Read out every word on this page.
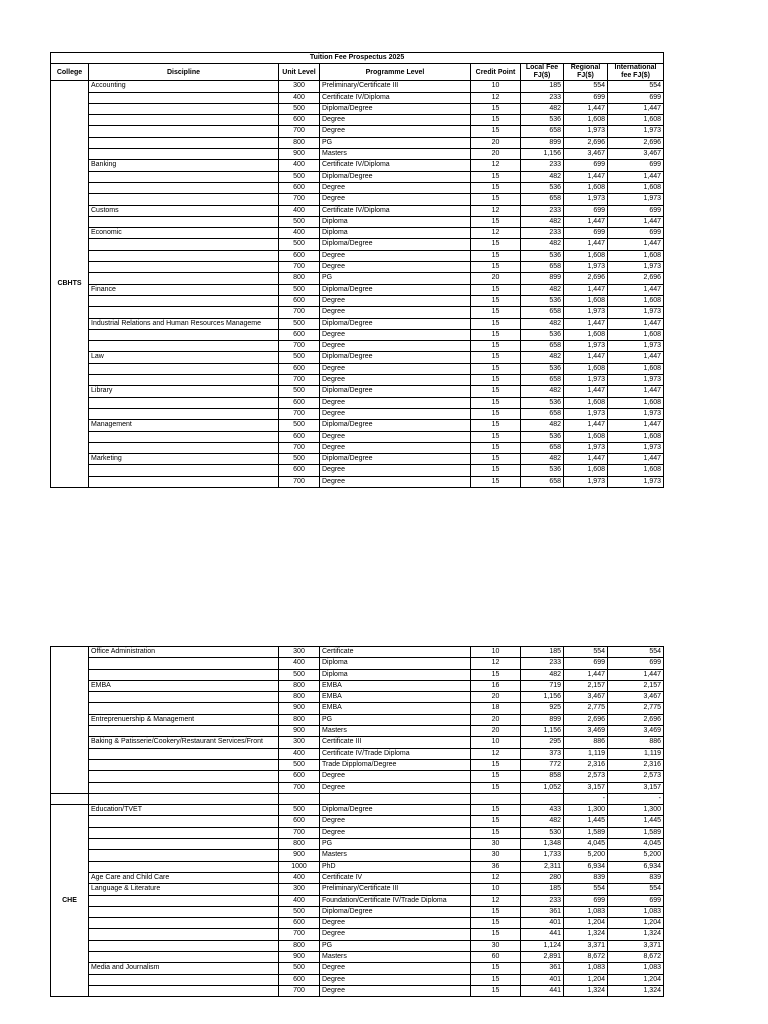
Tuition Fee Prospectus 2025							
College	Discipline	Unit Level	Programme Level	Credit Point	Local Fee FJ($)	Regional FJ($)	International fee FJ($)
CBHTS	Accounting	300	Preliminary/Certificate III	10	185	554	554
		400	Certificate IV/Diploma	12	233	699	699
		500	Diploma/Degree	15	482	1,447	1,447
		600	Degree	15	536	1,608	1,608
		700	Degree	15	658	1,973	1,973
		800	PG	20	899	2,696	2,696
		900	Masters	20	1,156	3,467	3,467
	Banking	400	Certificate IV/Diploma	12	233	699	699
		500	Diploma/Degree	15	482	1,447	1,447
		600	Degree	15	536	1,608	1,608
		700	Degree	15	658	1,973	1,973
	Customs	400	Certificate IV/Diploma	12	233	699	699
		500	Diploma	15	482	1,447	1,447
	Economic	400	Diploma	12	233	699	699
		500	Diploma/Degree	15	482	1,447	1,447
		600	Degree	15	536	1,608	1,608
		700	Degree	15	658	1,973	1,973
		800	PG	20	899	2,696	2,696
	Finance	500	Diploma/Degree	15	482	1,447	1,447
		600	Degree	15	536	1,608	1,608
		700	Degree	15	658	1,973	1,973
	Industrial Relations and Human Resources Manageme	500	Diploma/Degree	15	482	1,447	1,447
		600	Degree	15	536	1,608	1,608
		700	Degree	15	658	1,973	1,973
	Law	500	Diploma/Degree	15	482	1,447	1,447
		600	Degree	15	536	1,608	1,608
		700	Degree	15	658	1,973	1,973
	Library	500	Diploma/Degree	15	482	1,447	1,447
		600	Degree	15	536	1,608	1,608
		700	Degree	15	658	1,973	1,973
	Management	500	Diploma/Degree	15	482	1,447	1,447
		600	Degree	15	536	1,608	1,608
		700	Degree	15	658	1,973	1,973
	Marketing	500	Diploma/Degree	15	482	1,447	1,447
		600	Degree	15	536	1,608	1,608
		700	Degree	15	658	1,973	1,973
	Office Administration	300	Certificate	10	185	554	554
		400	Diploma	12	233	699	699
		500	Diploma	15	482	1,447	1,447
	EMBA	800	EMBA	16	719	2,157	2,157
		800	EMBA	20	1,156	3,467	3,467
		900	EMBA	18	925	2,775	2,775
	Entreprenuership & Management	800	PG	20	899	2,696	2,696
		900	Masters	20	1,156	3,469	3,469
	Baking & Patisserie/Cookery/Restaurant Services/Front	300	Certificate III	10	295	886	886
		400	Certificate IV/Trade Diploma	12	373	1,119	1,119
		500	Trade Dipploma/Degree	15	772	2,316	2,316
		600	Degree	15	858	2,573	2,573
		700	Degree	15	1,052	3,157	3,157
						-	-
CHE	Education/TVET	500	Diploma/Degree	15	433	1,300	1,300
		600	Degree	15	482	1,445	1,445
		700	Degree	15	530	1,589	1,589
		800	PG	30	1,348	4,045	4,045
		900	Masters	30	1,733	5,200	5,200
		1000	PhD	36	2,311	6,934	6,934
	Age Care and Child Care	400	Certificate IV	12	280	839	839
	Language & Literature	300	Preliminary/Certificate III	10	185	554	554
		400	Foundation/Certificate IV/Trade Diploma	12	233	699	699
		500	Diploma/Degree	15	361	1,083	1,083
		600	Degree	15	401	1,204	1,204
		700	Degree	15	441	1,324	1,324
		800	PG	30	1,124	3,371	3,371
		900	Masters	60	2,891	8,672	8,672
	Media and Journalism	500	Degree	15	361	1,083	1,083
		600	Degree	15	401	1,204	1,204
		700	Degree	15	441	1,324	1,324
